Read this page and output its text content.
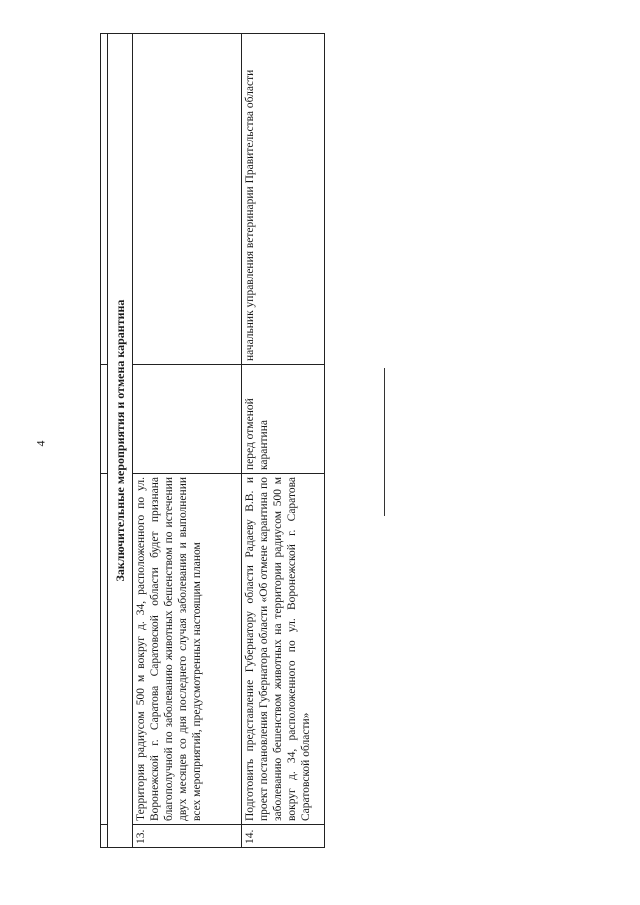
4
				Заключительные мероприятия и отмена карантина			
13.	Территория радиусом 500 м вокруг д. 34, расположенного по ул. Воронежской г. Саратова Саратовской области будет признана благополучной по заболеванию животных бешенством по истечении двух месяцев со дня последнего случая заболевания и выполнении всех мероприятий, предусмотренных настоящим планом		
14.	Подготовить представление Губернатору области Радаеву В.В. и проект постановления Губернатора области «Об отмене карантина по заболеванию бешенством животных на территории радиусом 500 м вокруг д. 34, расположенного по ул. Воронежской г. Саратова Саратовской области»	перед отменой карантина	начальник управления ветеринарии Правительства области
